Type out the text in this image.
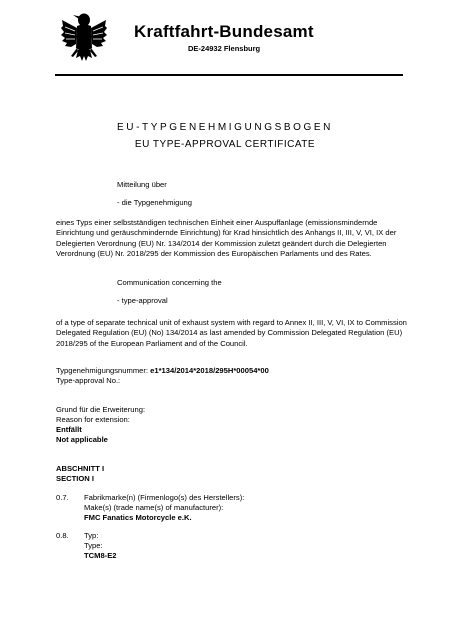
Kraftfahrt-Bundesamt
DE-24932 Flensburg
EU-TYPGENEHMIGUNGSBOGEN
EU TYPE-APPROVAL CERTIFICATE
Mitteilung über
- die Typgenehmigung
eines Typs einer selbstständigen technischen Einheit einer Auspuffanlage (emissionsmindernde Einrichtung und geräuschmindernde Einrichtung) für Krad hinsichtlich des Anhangs II, III, V, VI, IX der Delegierten Verordnung (EU) Nr. 134/2014 der Kommission zuletzt geändert durch die Delegierten Verordnung (EU) Nr. 2018/295 der Kommission des Europäischen Parlaments und des Rates.
Communication concerning the
- type-approval
of a type of separate technical unit of exhaust system with regard to Annex II, III, V, VI, IX to Commission Delegated Regulation (EU) (No) 134/2014 as last amended by Commission Delegated Regulation (EU) 2018/295 of the European Parliament and of the Council.
Typgenehmigungsnummer: e1*134/2014*2018/295H*00054*00
Type-approval No.:
Grund für die Erweiterung:
Reason for extension:
Entfällt
Not applicable
ABSCHNITT I
SECTION I
0.7. Fabrikmarke(n) (Firmenlogo(s) des Herstellers):
Make(s) (trade name(s) of manufacturer):
FMC Fanatics Motorcycle e.K.
0.8. Typ:
Type:
TCM8-E2
